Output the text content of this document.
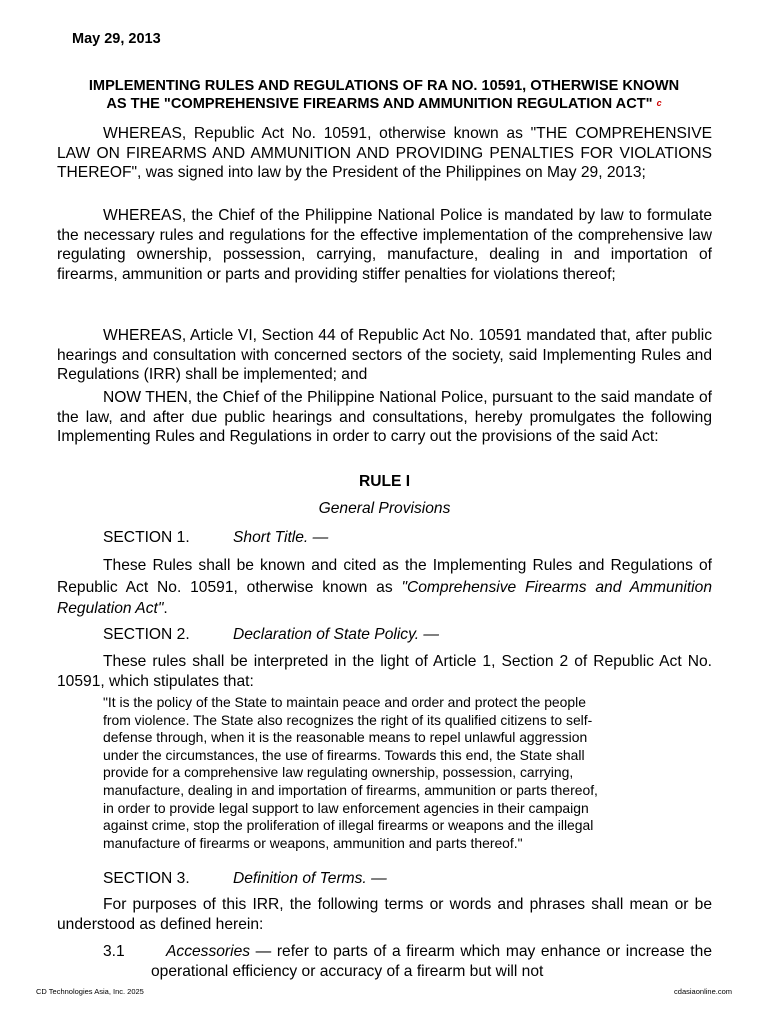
May 29, 2013
IMPLEMENTING RULES AND REGULATIONS OF RA NO. 10591, OTHERWISE KNOWN
AS THE "COMPREHENSIVE FIREARMS AND AMMUNITION REGULATION ACT" $^c$

WHEREAS, Republic Act No. 10591, otherwise known as "THE COMPREHENSIVE LAW ON FIREARMS AND AMMUNITION AND PROVIDING PENALTIES FOR VIOLATIONS THEREOF", was signed into law by the President of the Philippines on May 29, 2013;

WHEREAS, the Chief of the Philippine National Police is mandated by law to formulate the necessary rules and regulations for the effective implementation of the comprehensive law regulating ownership, possession, carrying, manufacture, dealing in and importation of firearms, ammunition or parts and providing stiffer penalties for violations thereof;

WHEREAS, Article VI, Section 44 of Republic Act No. 10591 mandated that, after public hearings and consultation with concerned sectors of the society, said Implementing Rules and Regulations (IRR) shall be implemented; and

NOW THEN, the Chief of the Philippine National Police, pursuant to the said mandate of the law, and after due public hearings and consultations, hereby promulgates the following Implementing Rules and Regulations in order to carry out the provisions of the said Act:

RULE I
General Provisions
SECTION 1.	Short Title. —

These Rules shall be known and cited as the Implementing Rules and Regulations of Republic Act No. 10591, otherwise known as "Comprehensive Firearms and Ammunition Regulation Act".

SECTION 2.	Declaration of State Policy. —

These rules shall be interpreted in the light of Article 1, Section 2 of Republic Act No. 10591, which stipulates that:

"It is the policy of the State to maintain peace and order and protect the people
from violence. The State also recognizes the right of its qualified citizens to self-
defense through, when it is the reasonable means to repel unlawful aggression
under the circumstances, the use of firearms. Towards this end, the State shall
provide for a comprehensive law regulating ownership, possession, carrying,
manufacture, dealing in and importation of firearms, ammunition or parts thereof,
in order to provide legal support to law enforcement agencies in their campaign
against crime, stop the proliferation of illegal firearms or weapons and the illegal
manufacture of firearms or weapons, ammunition and parts thereof."
SECTION 3.	Definition of Terms. —

For purposes of this IRR, the following terms or words and phrases shall mean or be understood as defined herein:

3.1	Accessories — refer to parts of a firearm which may enhance or increase the operational efficiency or accuracy of a firearm but will not

CD Technologies Asia, Inc. 2025	cdasiaonline.com
